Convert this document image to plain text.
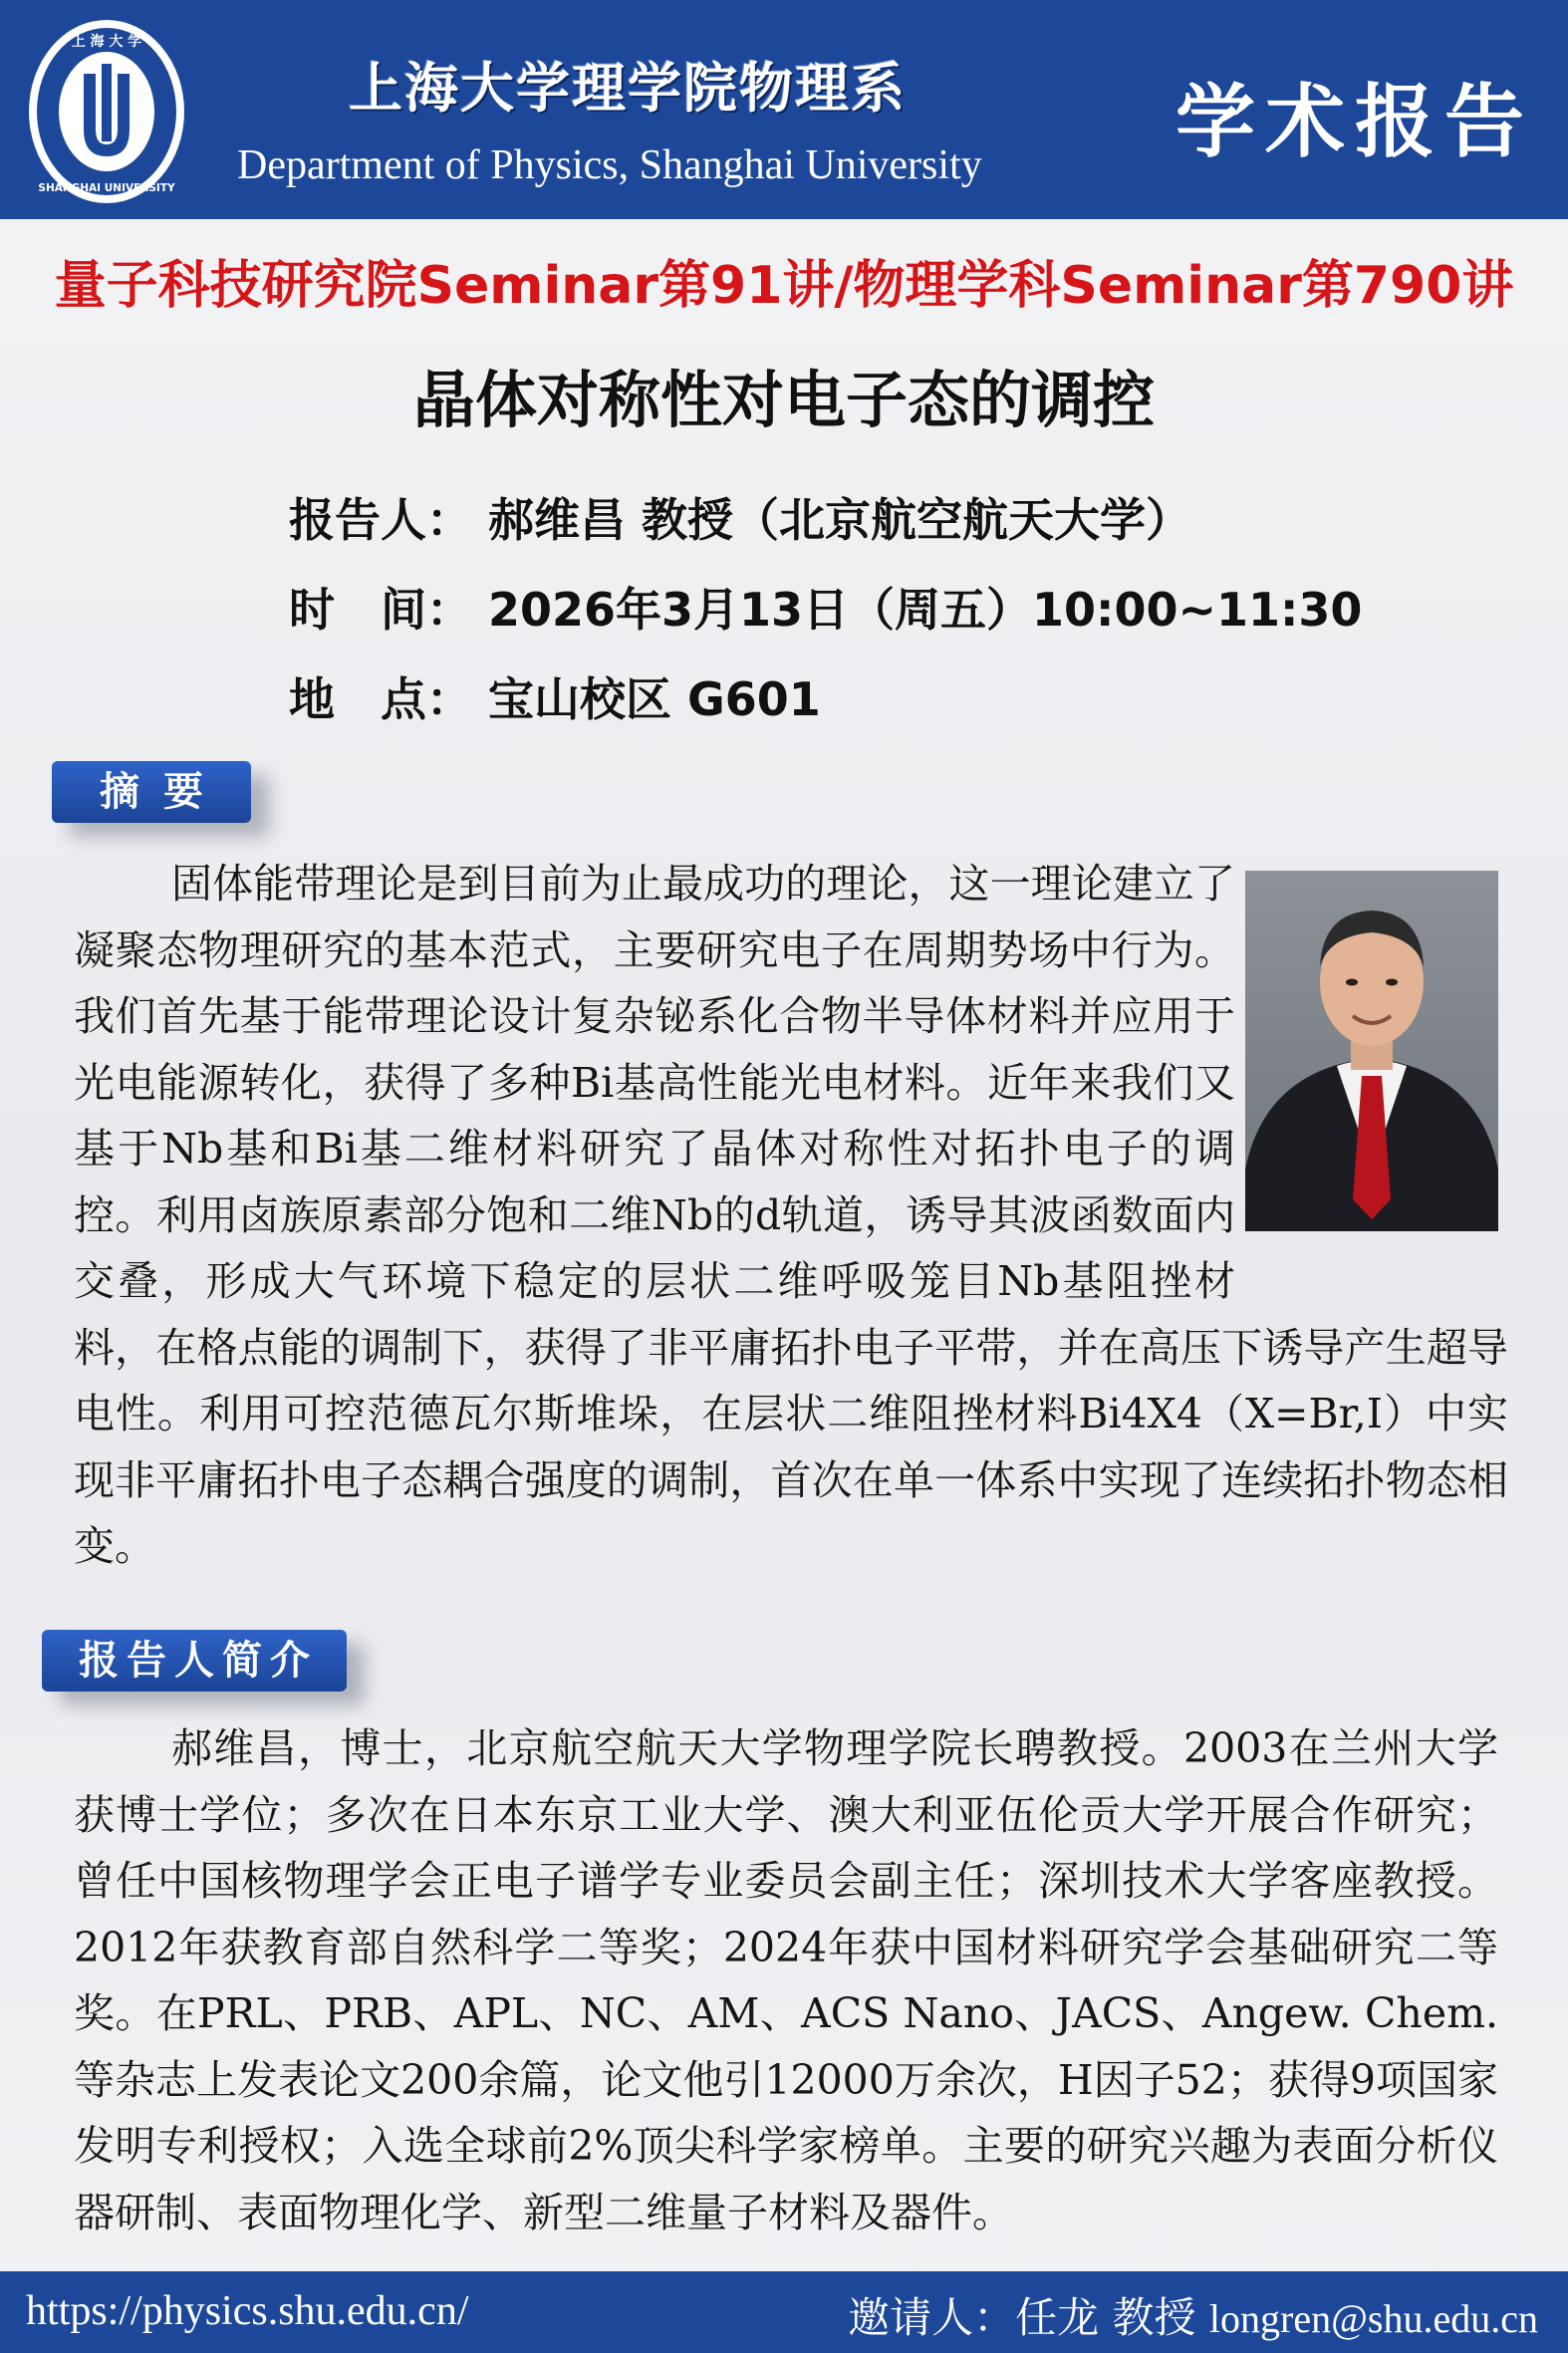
上 海 大 学
SHANGHAI UNIVERSITY
上海大学理学院物理系
Department of Physics, Shanghai University 学术报告
量子科技研究院Seminar第91讲/物理学科Seminar第790讲
晶体对称性对电子态的调控
报告人： 郝维昌 教授（北京航空航天大学）
时　间： 2026年3月13日（周五）10:00~11:30
地　点： 宝山校区 G601
摘要

固体能带理论是到目前为止最成功的理论，这一理论建立了凝聚态物理研究的基本范式，主要研究电子在周期势场中行为。我们首先基于能带理论设计复杂铋系化合物半导体材料并应用于光电能源转化，获得了多种Bi基高性能光电材料。近年来我们又基于Nb基和Bi基二维材料研究了晶体对称性对拓扑电子的调控。利用卤族原素部分饱和二维Nb的d轨道，诱导其波函数面内交叠，形成大气环境下稳定的层状二维呼吸笼目Nb基阻挫材料，在格点能的调制下，获得了非平庸拓扑电子平带，并在高压下诱导产生超导电性。利用可控范德瓦尔斯堆垛，在层状二维阻挫材料Bi4X4（X=Br,I）中实现非平庸拓扑电子态耦合强度的调制，首次在单一体系中实现了连续拓扑物态相变。

报告人简介

郝维昌，博士，北京航空航天大学物理学院长聘教授。2003在兰州大学获博士学位；多次在日本东京工业大学、澳大利亚伍伦贡大学开展合作研究；曾任中国核物理学会正电子谱学专业委员会副主任；深圳技术大学客座教授。2012年获教育部自然科学二等奖；2024年获中国材料研究学会基础研究二等奖。在PRL、PRB、APL、NC、AM、ACS Nano、JACS、Angew. Chem.等杂志上发表论文200余篇，论文他引12000万余次，H因子52；获得9项国家发明专利授权；入选全球前2%顶尖科学家榜单。主要的研究兴趣为表面分析仪器研制、表面物理化学、新型二维量子材料及器件。

https://physics.shu.edu.cn/	邀请人：任龙 教授 longren@shu.edu.cn
